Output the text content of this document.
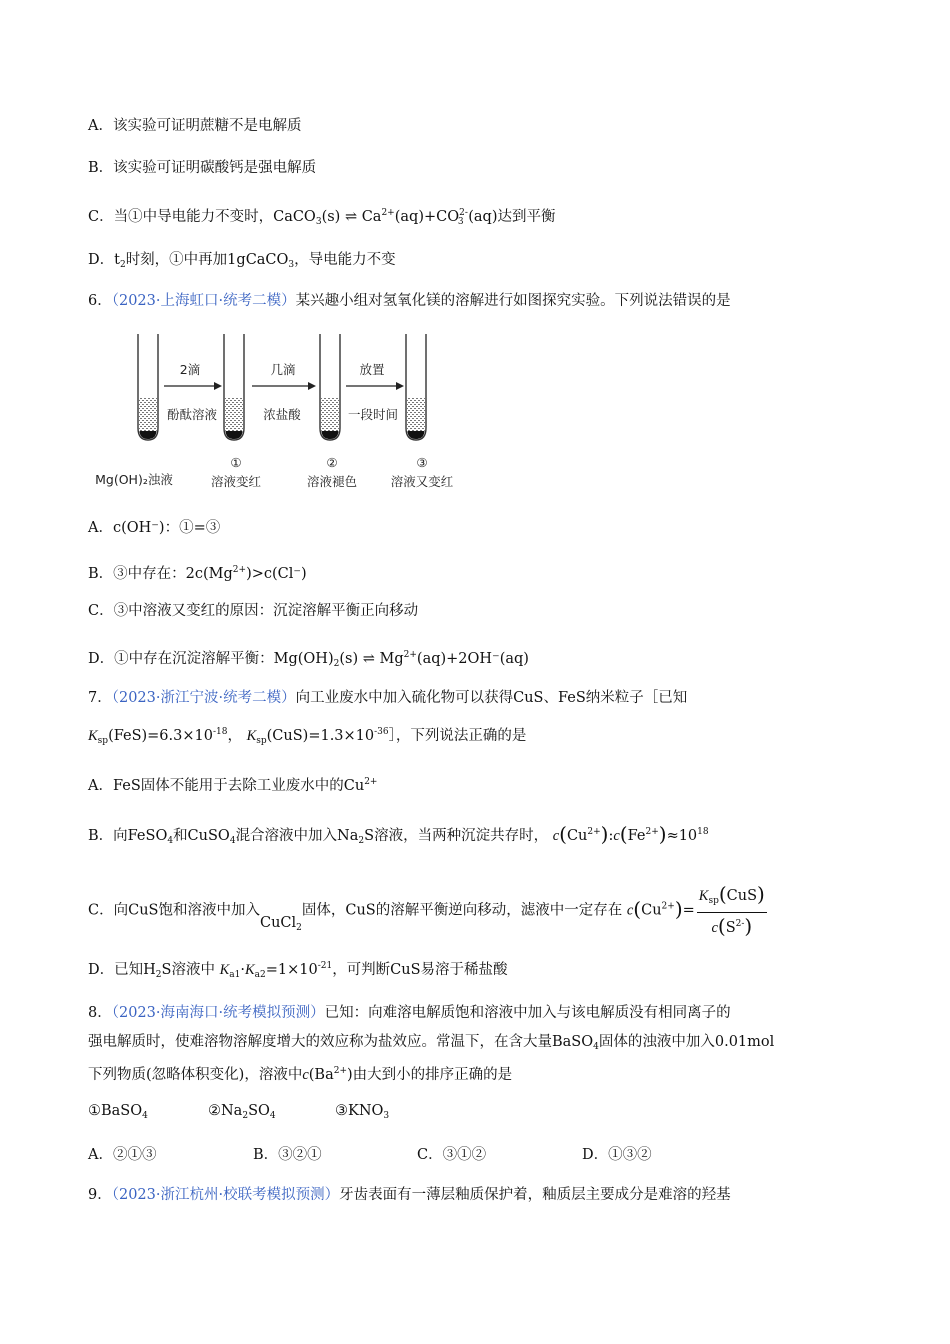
A．该实验可证明蔗糖不是电解质
B．该实验可证明碳酸钙是强电解质
C．当①中导电能力不变时，CaCO$_3$(s) ⇌ $Ca^{2+}(aq)+CO^{2-}_3$ (aq)达到平衡
D．$t_2$时刻，①中再加1gCaCO$_3$，导电能力不变
6．（2023·上海虹口·统考二模）某兴趣小组对氢氧化镁的溶解进行如图探究实验。下列说法错误的是
2滴
酚酞溶液
几滴
浓盐酸
放置
一段时间
Mg(OH)₂浊液
①	②	③
溶液变红	溶液褪色	溶液又变红
A．c(OH⁻)：①=③
B．③中存在：$2c(Mg^{2+})>c(Cl^-)$
C．③中溶液又变红的原因：沉淀溶解平衡正向移动
D．①中存在沉淀溶解平衡：$Mg(OH)_2(s)$ ⇌ $Mg^{2+}(aq)+2OH^-(aq)$
7．（2023·浙江宁波·统考二模）向工业废水中加入硫化物可以获得CuS、FeS纳米粒子［已知
$K_{sp}(FeS)=6.3\times 10^{-18}$， $K_{sp}(CuS)=1.3\times 10^{-36}]$，下列说法正确的是
A．FeS固体不能用于去除工业废水中的$Cu^{2+}$
B．向FeSO$_4$和CuSO$_4$混合溶液中加入$Na_2S$溶液，当两种沉淀共存时， $c(Cu^{2+}):c(Fe^{2+})\approx 10^{18}$
C．向CuS饱和溶液中加入CuCl$_2$固体，CuS的溶解平衡逆向移动，滤液中一定存在 $c(Cu^{2+})= \frac{K_{sp}(CuS)}{c(S^{2-})}$
D．已知$H_2S$溶液中 $K_{a1}\cdot K_{a2}=1\times 10^{-21}$，可判断CuS易溶于稀盐酸
8．（2023·海南海口·统考模拟预测）已知：向难溶电解质饱和溶液中加入与该电解质没有相同离子的
强电解质时，使难溶物溶解度增大的效应称为盐效应。常温下，在含大量BaSO$_4$固体的浊液中加入0.01mol
下列物质(忽略体积变化)，溶液中$c(Ba^{2+})$由大到小的排序正确的是
①BaSO$_4$	$②Na_2SO_4$	$③KNO_3$
A．②①③	B．③②①	C．③①②	D．①③②
9．（2023·浙江杭州·校联考模拟预测）牙齿表面有一薄层釉质保护着，釉质层主要成分是难溶的羟基
